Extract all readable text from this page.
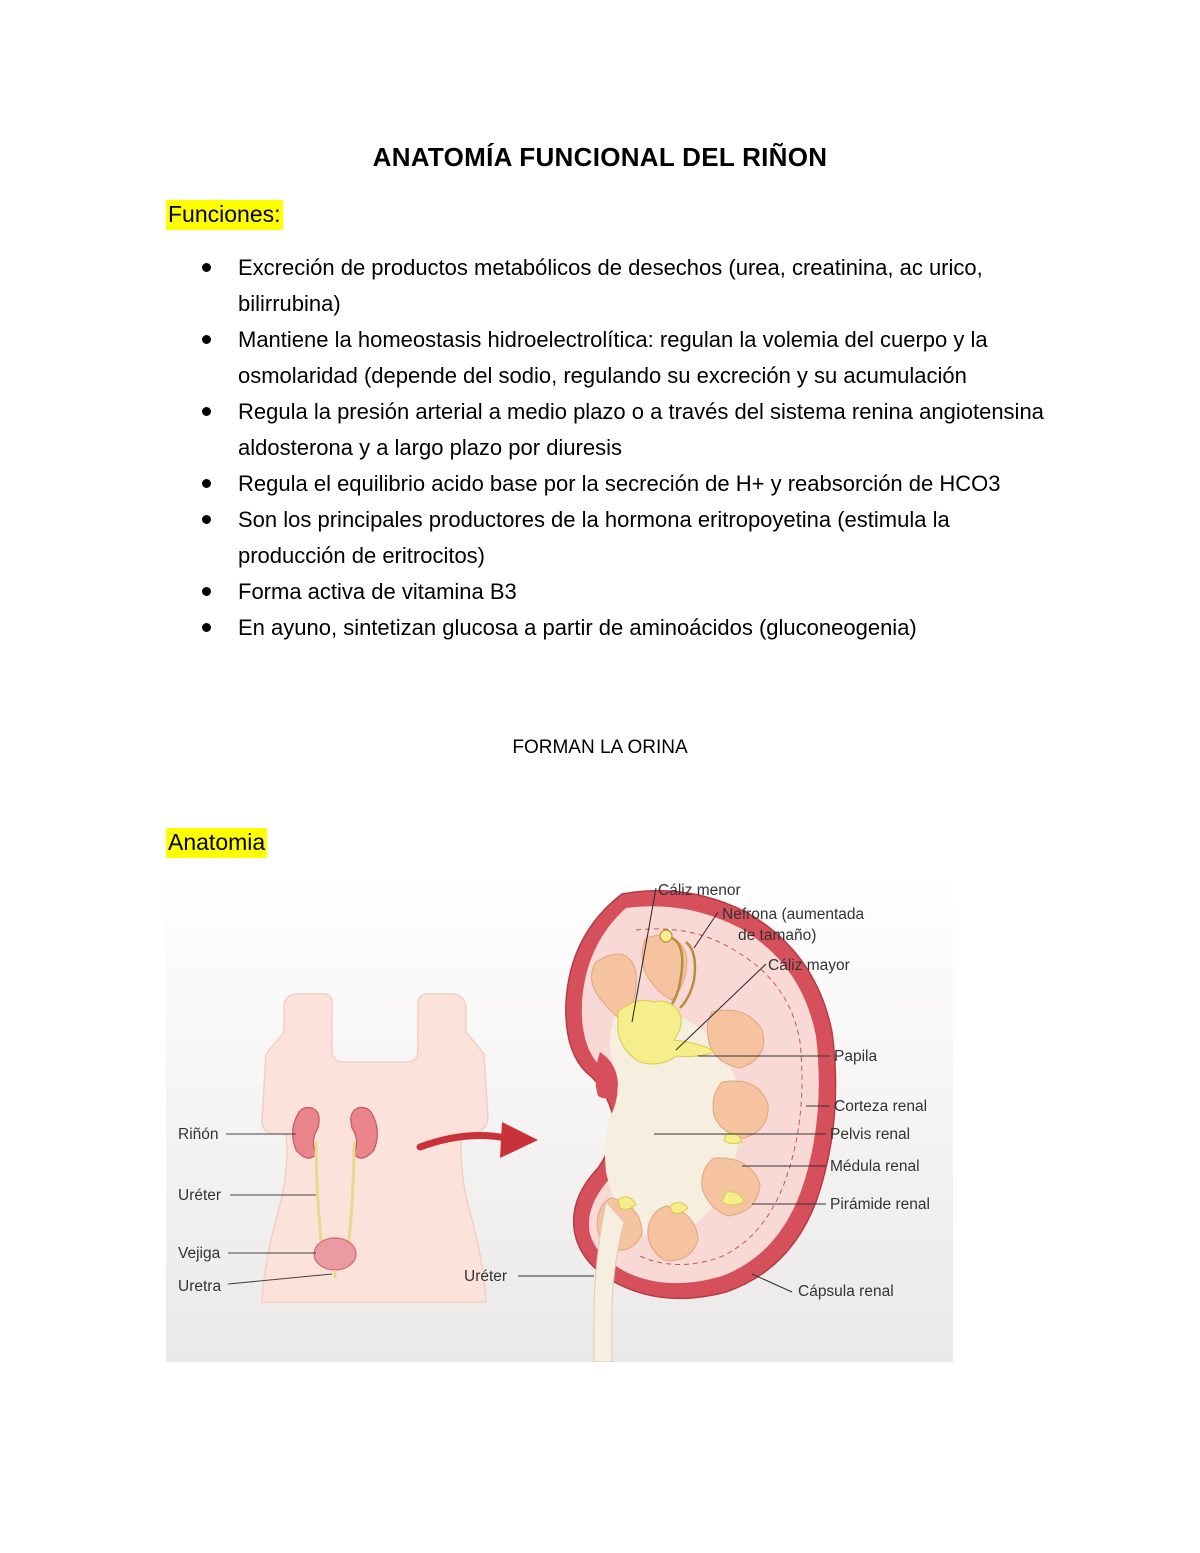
ANATOMÍA FUNCIONAL DEL RIÑON
Funciones:
Excreción de productos metabólicos de desechos (urea, creatinina, ac urico, bilirrubina)
Mantiene la homeostasis hidroelectrolítica: regulan la volemia del cuerpo y la osmolaridad (depende del sodio, regulando su excreción y su acumulación
Regula la presión arterial a medio plazo o a través del sistema renina angiotensina aldosterona y a largo plazo por diuresis
Regula el equilibrio acido base por la secreción de H+ y reabsorción de HCO3
Son los principales productores de la hormona eritropoyetina (estimula la producción de eritrocitos)
Forma activa de vitamina B3
En ayuno, sintetizan glucosa a partir de aminoácidos (gluconeogenia)
FORMAN LA ORINA
Anatomia
Riñón
Uréter
Vejiga
Uretra
Cáliz menor
Nefrona (aumentada
de tamaño)
Cáliz mayor
Papila
Corteza renal
Pelvis renal
Médula renal
Pirámide renal
Cápsula renal
Uréter
